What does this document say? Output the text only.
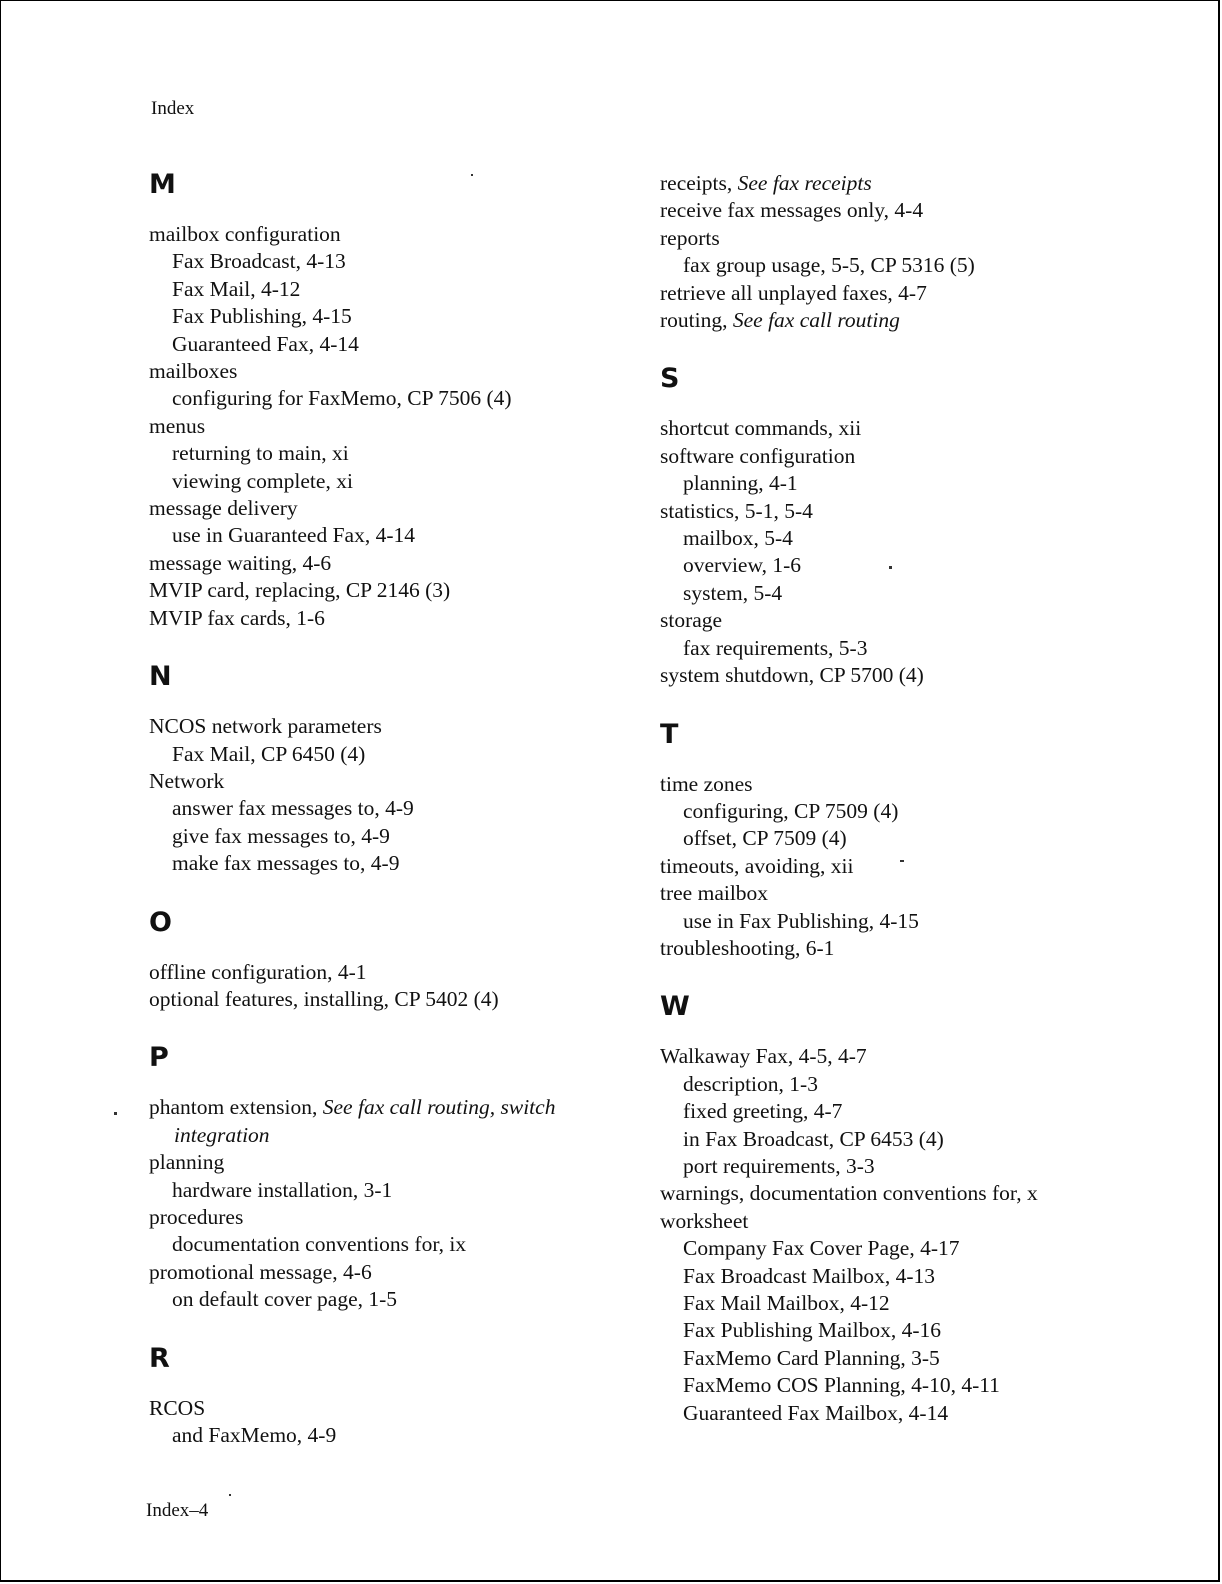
Index
M
mailbox configuration
Fax Broadcast, 4-13
Fax Mail, 4-12
Fax Publishing, 4-15
Guaranteed Fax, 4-14
mailboxes
configuring for FaxMemo, CP 7506 (4)
menus
returning to main, xi
viewing complete, xi
message delivery
use in Guaranteed Fax, 4-14
message waiting, 4-6
MVIP card, replacing, CP 2146 (3)
MVIP fax cards, 1-6
N
NCOS network parameters
Fax Mail, CP 6450 (4)
Network
answer fax messages to, 4-9
give fax messages to, 4-9
make fax messages to, 4-9
O
offline configuration, 4-1
optional features, installing, CP 5402 (4)
P
phantom extension, See fax call routing, switch
integration
planning
hardware installation, 3-1
procedures
documentation conventions for, ix
promotional message, 4-6
on default cover page, 1-5
R
RCOS
and FaxMemo, 4-9
receipts, See fax receipts
receive fax messages only, 4-4
reports
fax group usage, 5-5, CP 5316 (5)
retrieve all unplayed faxes, 4-7
routing, See fax call routing
S
shortcut commands, xii
software configuration
planning, 4-1
statistics, 5-1, 5-4
mailbox, 5-4
overview, 1-6
system, 5-4
storage
fax requirements, 5-3
system shutdown, CP 5700 (4)
T
time zones
configuring, CP 7509 (4)
offset, CP 7509 (4)
timeouts, avoiding, xii
tree mailbox
use in Fax Publishing, 4-15
troubleshooting, 6-1
W
Walkaway Fax, 4-5, 4-7
description, 1-3
fixed greeting, 4-7
in Fax Broadcast, CP 6453 (4)
port requirements, 3-3
warnings, documentation conventions for, x
worksheet
Company Fax Cover Page, 4-17
Fax Broadcast Mailbox, 4-13
Fax Mail Mailbox, 4-12
Fax Publishing Mailbox, 4-16
FaxMemo Card Planning, 3-5
FaxMemo COS Planning, 4-10, 4-11
Guaranteed Fax Mailbox, 4-14
Index–4
